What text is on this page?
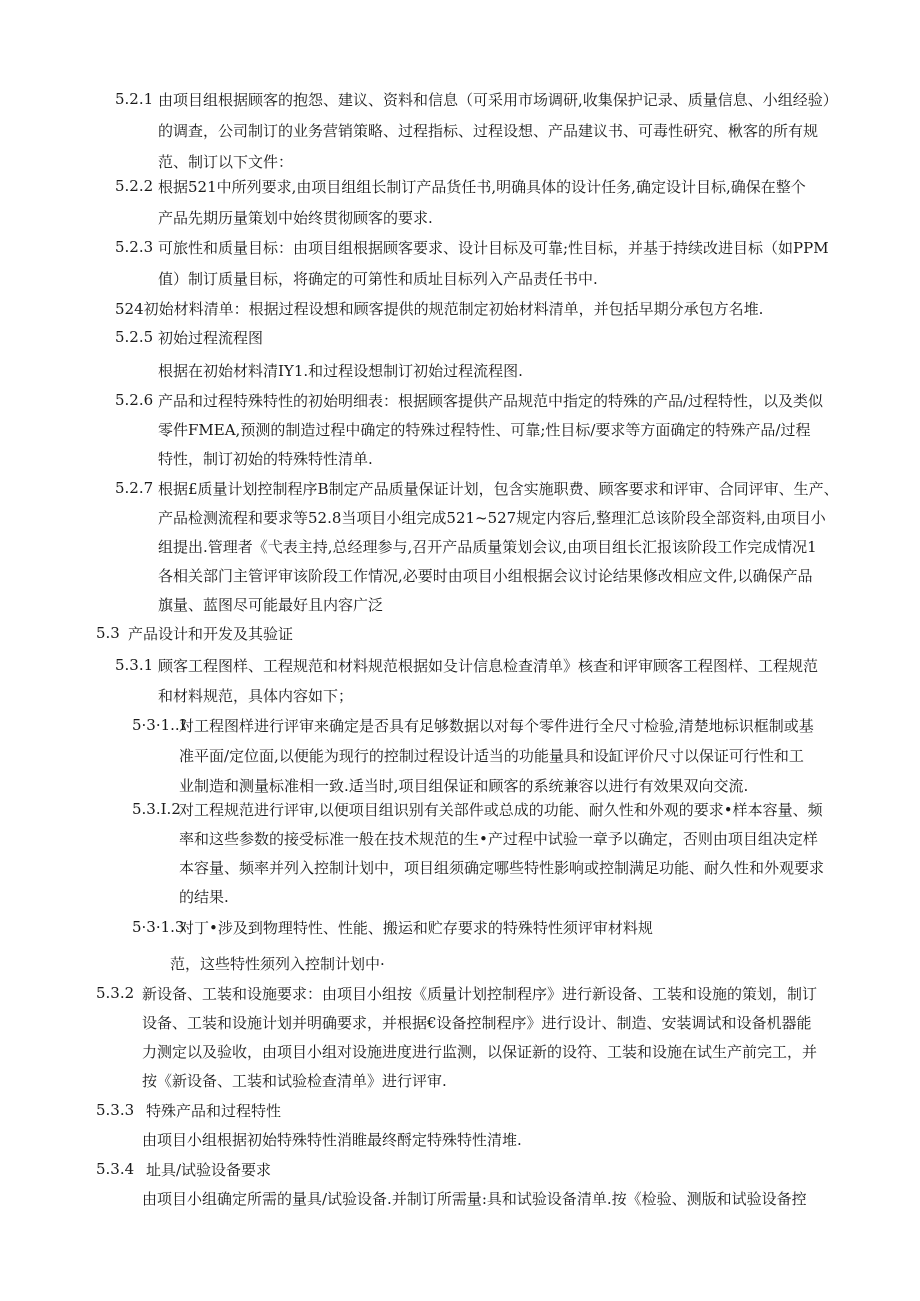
5.2.1 由项目组根据顾客的抱怨、建议、资料和信息（可采用市场调研,收集保护记录、质量信息、小组经验）
的调查，公司制订的业务营销策略、过程指标、过程设想、产品建议书、可毒性研究、楸客的所有规
范、制订以下文件：
5.2.2 根据521中所列要求,由项目组组长制订产品货任书,明确具体的设计任务,确定设计目标,确保在整个
产品先期历量策划中始终贯彻顾客的要求.
5.2.3 可旅性和质量目标：由项目组根据顾客要求、设计目标及可靠;性目标，并基于持续改进目标（如PPM
值）制订质量目标，将确定的可第性和质址目标列入产品责任书中.
524初始材料清单：根据过程设想和顾客提供的规范制定初始材料清单，并包括早期分承包方名堆.
5.2.5 初始过程流程图
根据在初始材料清IY1.和过程设想制订初始过程流程图.
5.2.6 产品和过程特殊特性的初始明细表：根据顾客提供产品规范中指定的特殊的产品/过程特性，以及类似
零件FMEA,预测的制造过程中确定的特殊过程特性、可靠;性目标/要求等方面确定的特殊产品/过程
特性，制订初始的特殊特性清单.
5.2.7 根据£质量计划控制程序B制定产品质量保证计划，包含实施职费、顾客要求和评审、合同评审、生产、
产品检测流程和要求等52.8当项目小组完成521~527规定内容后,整理汇总该阶段全部资料,由项目小
组提出.管理者《弋表主持,总经理参与,召开产品质量策划会议,由项目组长汇报该阶段工作完成情况1
各相关部门主管评审该阶段工作情况,必要时由项目小组根据会议讨论结果修改相应文件,以确保产品
旗量、蓝图尽可能最好且内容广泛
5.3 产品设计和开发及其验证
5.3.1 顾客工程图样、工程规范和材料规范根据如殳计信息检查清单》核查和评审顾客工程图样、工程规范
和材料规范，具体内容如下；
5·3·1..I
对工程图样进行评审来确定是否具有足够数据以对每个零件进行全尺寸检验,清楚地标识框制或基
准平面/定位面,以便能为现行的控制过程设计适当的功能量具和设缸评价尺寸以保证可行性和工
业制造和测量标准相一致.适当时,项目组保证和顾客的系统兼容以进行有效果双向交流.
5.3.I.2
对工程规范进行评审,以便项目组识别有关部件或总成的功能、耐久性和外观的要求•样本容量、频
率和这些参数的接受标准一般在技术规范的生•产过程中试验一章予以确定，否则由项目组决定样
本容量、频率并列入控制计划中，项目组须确定哪些特性影响或控制满足功能、耐久性和外观要求
的结果.
5·3·1.3
对丁•涉及到物理特性、性能、搬运和贮存要求的特殊特性须评审材料规
范，这些特性须列入控制计划中·
5.3.2 新设备、工装和设施要求：由项目小组按《质量计划控制程序》进行新设备、工装和设施的策划，制订
设备、工装和设施计划并明确要求，并根据€设备控制程序》进行设计、制造、安装调试和设备机器能
力测定以及验收，由项目小组对设施进度进行监测，以保证新的设符、工装和设施在试生产前完工，并
按《新设备、工装和试验检查清单》进行评审.
5.3.3 特殊产品和过程特性
由项目小组根据初始特殊特性消睢最终酹定特殊特性清堆.
5.3.4 址具/试验设备要求
由项目小组确定所需的量具/试验设备.并制订所需量:具和试验设备清单.按《检验、测版和试验设备控
